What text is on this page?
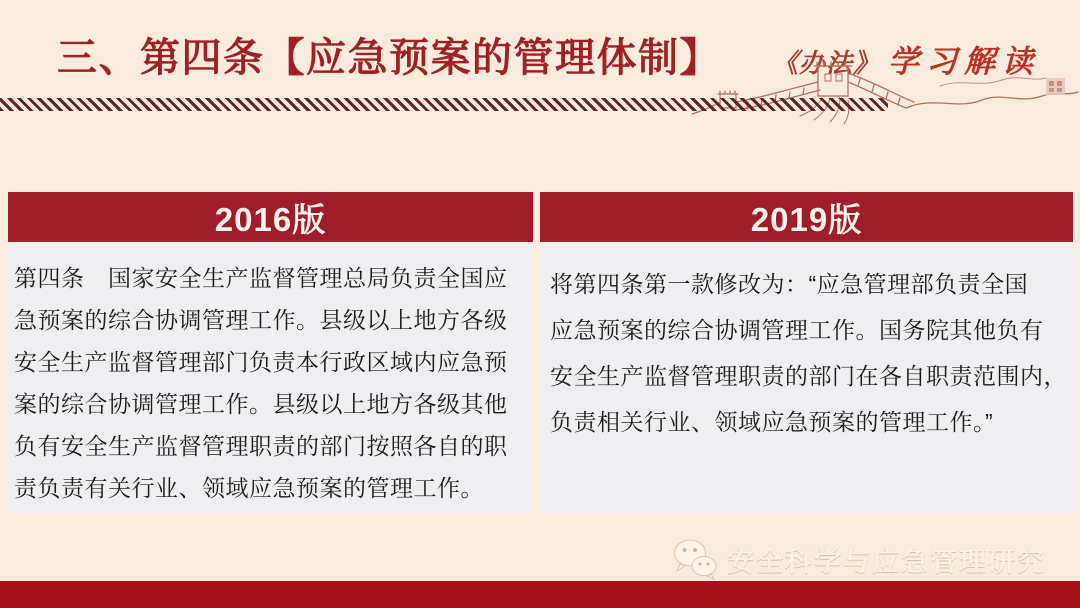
三、第四条【应急预案的管理体制】 《办法》 学习解读
2016版
第四条　国家安全生产监督管理总局负责全国应
急预案的综合协调管理工作。县级以上地方各级
安全生产监督管理部门负责本行政区域内应急预
案的综合协调管理工作。县级以上地方各级其他
负有安全生产监督管理职责的部门按照各自的职
责负责有关行业、领域应急预案的管理工作。
2019版
将第四条第一款修改为：“应急管理部负责全国
应急预案的综合协调管理工作。国务院其他负有
安全生产监督管理职责的部门在各自职责范围内，
负责相关行业、领域应急预案的管理工作。”
安全科学与应急管理研究
